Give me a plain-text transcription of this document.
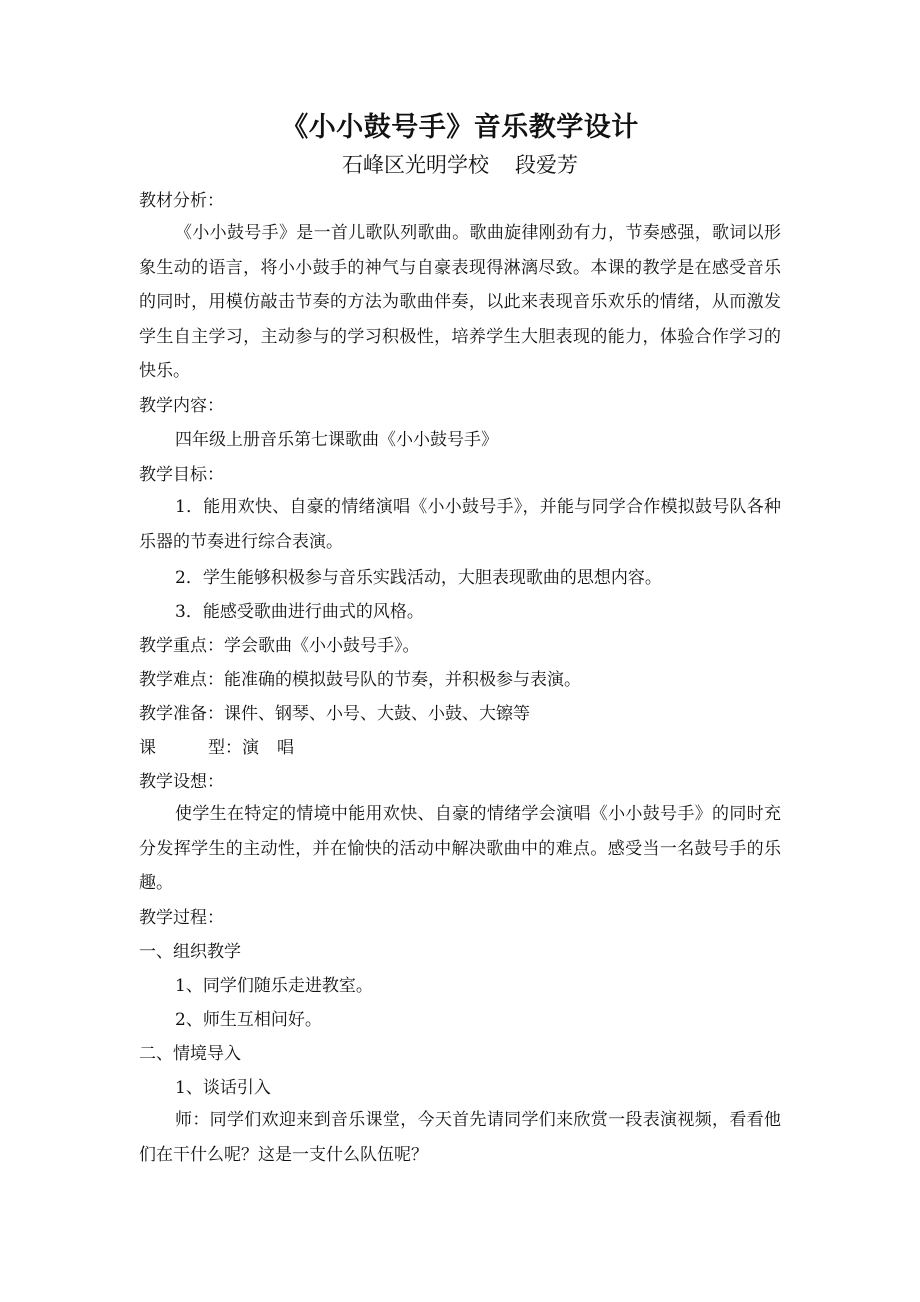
《小小鼓号手》音乐教学设计
石峰区光明学校 段爱芳
教材分析：
《小小鼓号手》是一首儿歌队列歌曲。歌曲旋律刚劲有力，节奏感强，歌词以形象生动的语言，将小小鼓手的神气与自豪表现得淋漓尽致。本课的教学是在感受音乐的同时，用模仿敲击节奏的方法为歌曲伴奏，以此来表现音乐欢乐的情绪，从而激发学生自主学习，主动参与的学习积极性，培养学生大胆表现的能力，体验合作学习的快乐。
教学内容：
四年级上册音乐第七课歌曲《小小鼓号手》
教学目标：
1．能用欢快、自豪的情绪演唱《小小鼓号手》，并能与同学合作模拟鼓号队各种乐器的节奏进行综合表演。
2．学生能够积极参与音乐实践活动，大胆表现歌曲的思想内容。
3．能感受歌曲进行曲式的风格。
教学重点：学会歌曲《小小鼓号手》。
教学难点：能准确的模拟鼓号队的节奏，并积极参与表演。
教学准备：课件、钢琴、小号、大鼓、小鼓、大镲等
课	型：演 唱
教学设想：
使学生在特定的情境中能用欢快、自豪的情绪学会演唱《小小鼓号手》的同时充分发挥学生的主动性，并在愉快的活动中解决歌曲中的难点。感受当一名鼓号手的乐趣。
教学过程：
一、组织教学
1、同学们随乐走进教室。
2、师生互相问好。
二、情境导入
1、谈话引入
师：同学们欢迎来到音乐课堂，今天首先请同学们来欣赏一段表演视频，看看他们在干什么呢？这是一支什么队伍呢？
